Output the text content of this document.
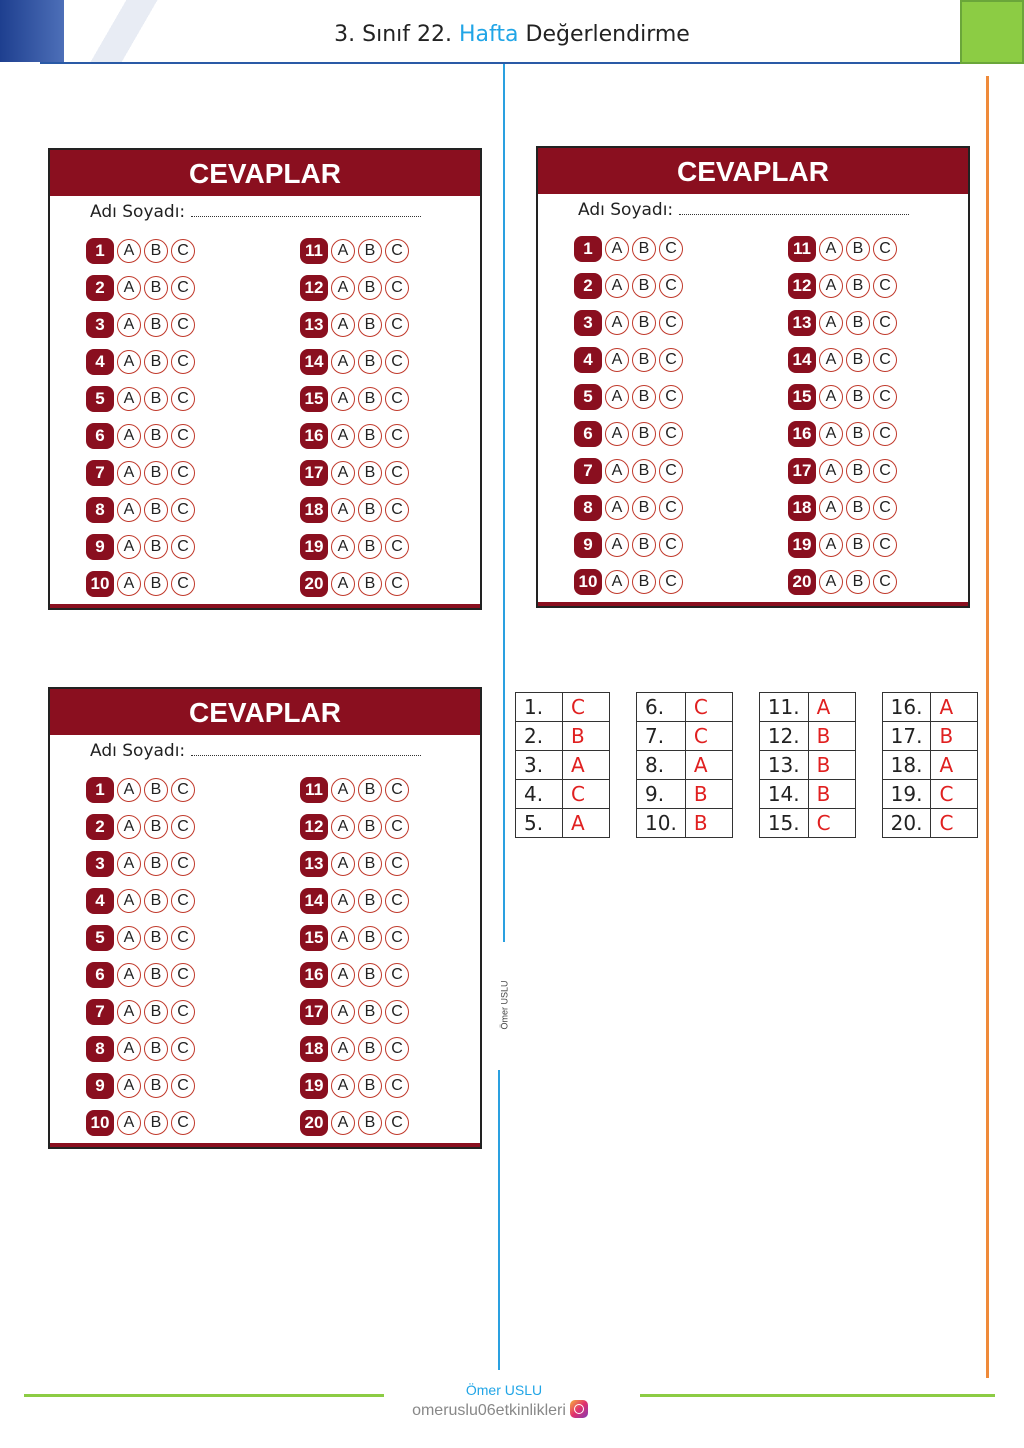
3. Sınıf 22. Hafta Değerlendirme
Ömer USLU
CEVAPLAR
Adı Soyadı:
1	A	B C
2	A	B C
3	A	B C
4	A	B C
5	A	B C
6	A	B C
7	A	B C
8	A	B C
9	A	B C
10 A	B C
11 A	B C
12 A	B C
13 A	B C
14 A	B C
15 A	B C
16 A	B C
17 A	B C
18 A	B C
19 A	B C
20 A	B C
CEVAPLAR
Adı Soyadı:
1	A	B C
2	A	B C
3	A	B C
4	A	B C
5	A	B C
6	A	B C
7	A	B C
8	A	B C
9	A	B C
10 A	B C
11 A	B C
12 A	B C
13 A	B C
14 A	B C
15 A	B C
16 A	B C
17 A	B C
18 A	B C
19 A	B C
20 A	B C
CEVAPLAR
Adı Soyadı:
1	A	B C
2	A	B C
3	A	B C
4	A	B C
5	A	B C
6	A	B C
7	A	B C
8	A	B C
9	A	B C
10 A	B C
11 A	B C
12 A	B C
13 A	B C
14 A	B C
15 A	B C
16 A	B C
17 A	B C
18 A	B C
19 A	B C
20 A	B C
1.	C
2.	B
3.	A
4.	C
5.	A
6.	C
7.	C
8.	A
9.	B
10.	B
11.	A
12.	B
13.	B
14.	B
15.	C
16.	A
17.	B
18.	A
19.	C
20.	C
Ömer USLU
omeruslu06etkinlikleri
